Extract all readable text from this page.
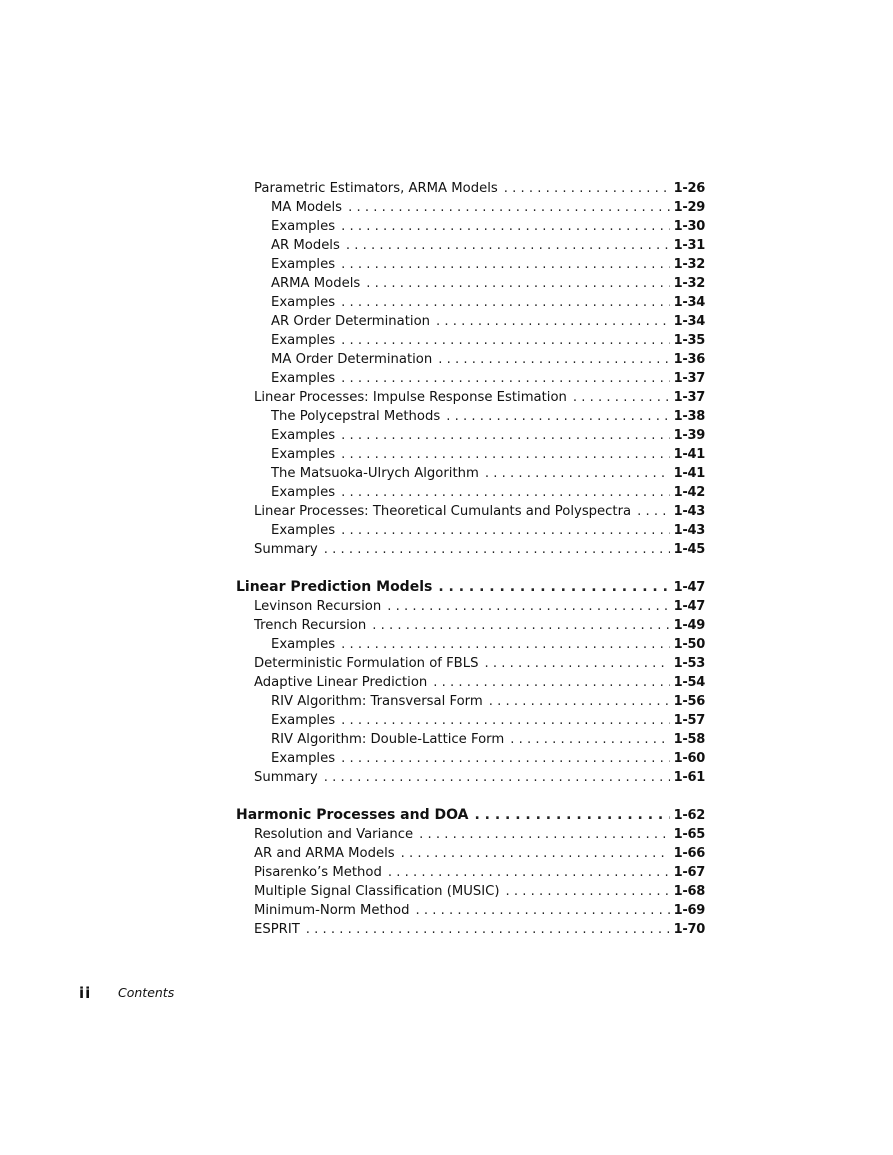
Parametric Estimators, ARMA Models . . .	1-26
MA Models . . .	1-29
Examples . . .	1-30
AR Models . . .	1-31
Examples . . .	1-32
ARMA Models . . .	1-32
Examples . . .	1-34
AR Order Determination . . .	1-34
Examples . . .	1-35
MA Order Determination . . .	1-36
Examples . . .	1-37
Linear Processes: Impulse Response Estimation . . .	1-37
The Polycepstral Methods . . .	1-38
Examples . . .	1-39
Examples . . .	1-41
The Matsuoka-Ulrych Algorithm . . .	1-41
Examples . . .	1-42
Linear Processes: Theoretical Cumulants and Polyspectra . . .	1-43
Examples . . .	1-43
Summary . . .	1-45
Linear Prediction Models . . .	1-47
Levinson Recursion . . .	1-47
Trench Recursion . . .	1-49
Examples . . .	1-50
Deterministic Formulation of FBLS . . .	1-53
Adaptive Linear Prediction . . .	1-54
RIV Algorithm: Transversal Form . . .	1-56
Examples . . .	1-57
RIV Algorithm: Double-Lattice Form . . .	1-58
Examples . . .	1-60
Summary . . .	1-61
Harmonic Processes and DOA . . .	1-62
Resolution and Variance . . .	1-65
AR and ARMA Models . . .	1-66
Pisarenko’s Method . . .	1-67
Multiple Signal Classification (MUSIC) . . .	1-68
Minimum-Norm Method . . .	1-69
ESPRIT . . .	1-70
ii Contents
